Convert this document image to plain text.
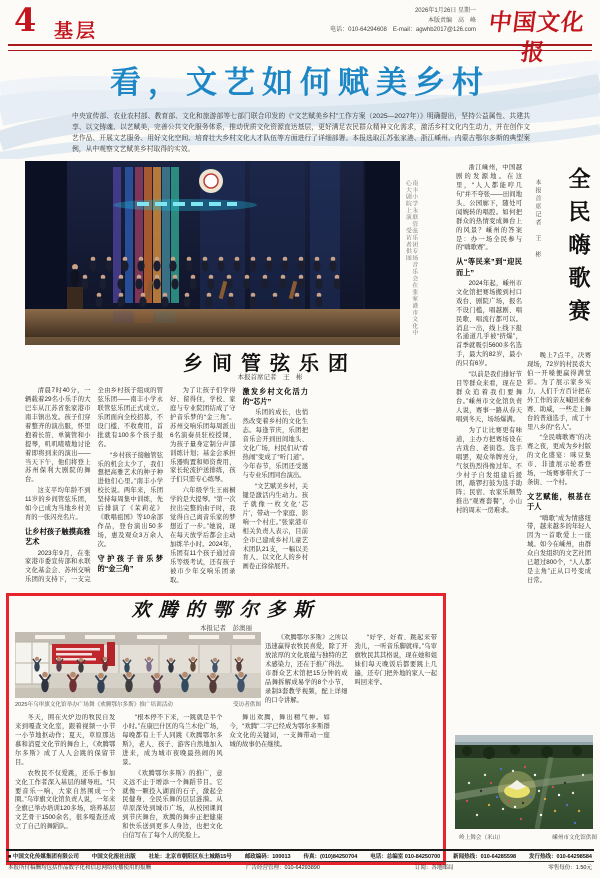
4 基层
2026年1月26日 星期一
本版责编　高　峰
电话：010-64294608　E-mail：agwhb2017@126.com 中国文化报
看，文艺如何赋美乡村
中央宣传部、农业农村部、教育部、文化和旅游部等七部门联合印发的《“文艺赋美乡村”工作方案（2025—2027年）》明确提出，坚持公益属性、共建共享、以文铸魂、以艺赋美，完善公共文化服务体系，推动优质文化资源直达基层，更好满足农民群众精神文化需求，激活乡村文化内生动力，并在创作文艺作品、开展文艺服务、用好文化空间、培育壮大乡村文化人才队伍等方面进行了详细部署。本报选取江苏张家港、浙江嵊州、内蒙古鄂尔多斯的典型案例，从中观察文艺赋美乡村取得的实效。
南丰小学永联管弦乐团专场音乐会在张家港市文化中心大剧院上演　受访者供图

浙江嵊州，中国越剧的发源地。在这里，“人人都能哼几句”并不夸张——田间地头、公园廊下，随处可闻婉转的唱腔。如何把群众的热情变成舞台上的风景？嵊州的答案是：办一场全民参与的“嗨歌赛”。

从“等民来”到“迎民而上”

2024年起，嵊州市文化馆把赛场搬到村口戏台、剧院广场，报名不设门槛，唱越剧、唱民歌、唱流行都可以。消息一出，线上线下报名通道几乎被“挤爆”，首季就吸引5600多名选手，最大的82岁，最小的只有6岁。

“以前是我们排好节目等群众来看，现在是群众追着我们要舞台。”嵊州市文化馆负责人说，赛事一路从春天唱到冬天，场场爆满。

为了让比赛更有味道，主办方把赛场设在古戏台、老街巷。选手唱罢，观众举牌亮分，气氛热烈得像过年。不少村子自发组建后援团，敲锣打鼓为选手助阵；民宿、农家乐顺势推出“观赛套餐”，小山村的周末一房难求。

本报首席记者　王　彬 全民嗨歌赛

晚上7点半，决赛现场，72岁的村民裘大伯一开嗓便赢得满堂彩。为了展示家乡实力，人们千方百计把在外工作的亲友喊回来参赛、助威，一些走上舞台的普通选手，成了十里八乡的“名人”。

“全民嗨歌赛”的决赛之夜，更成为乡村版的文化盛宴：咪豆集市、非遗展示轮番登场，一场赛事带火了一条街、一个村。

文艺赋能，根基在于人

“嗨歌”成为情感纽带，越来越多的年轻人因为一首歌爱上一座城。如今在嵊州，由群众自发组织的文艺社团已超过800个，“人人都是主角”正从口号变成日常。

乡间管弦乐团
本报首席记者　王　彬

清晨7时40分，一辆载着29名小乐手的大巴车从江苏省张家港市南丰镇出发。孩子们穿着整齐的演出服，怀里抱着长笛、单簧管和小提琴，叽叽喳喳地讨论着即将到来的演出——当天下午，他们将登上苏州保利大剧院的舞台。

这支平均年龄不到11岁的乡间管弦乐团，如今已成为当地乡村美育的一张闪亮名片。

让乡村孩子触摸高雅艺术

2023年9月，在张家港市委宣传部和永联文化基金会、苏州交响乐团的支持下，一支完全由乡村孩子组成的管弦乐团——南丰小学永联管弦乐团正式成立。乐团面向全校招募，不设门槛、不收费用，首批就有100多个孩子报名。

“乡村孩子接触管弦乐的机会太少了，我们想把高雅艺术的种子种进他们心里。”南丰小学校长说。两年来，乐团坚持每周集中训练，先后排演了《茉莉花》《歌唱祖国》等10余部作品，登台演出50多场，惠及观众3万余人次。

守护孩子音乐梦的“金三角”

为了让孩子们学得好、留得住，学校、家庭与专业院团结成了守护音乐梦的“金三角”。苏州交响乐团每周派出6名演奏员驻校授课，为孩子量身定制分声部训练计划；基金会承担乐器购置和师资费用，家长轮流护送排练，孩子们只需专心练琴。

六年级学生王雨桐学的是大提琴。“第一次拉出完整的曲子时，我觉得自己离音乐家的梦想近了一步。”她说，现在每天放学后都会主动加练半小时。2024年，乐团有11个孩子通过音乐等级考试，还有孩子被市少年交响乐团录取。

激发乡村文化活力的“芯片”

乐团的成长，也悄然改变着乡村的文化生态。每逢节庆，乐团把音乐会开到田间地头、文化广场，村民们从“看热闹”变成了“听门道”。今年春节，乐团还受邀与专业乐团同台演出。

“文艺赋美乡村，关键是激活内生动力。孩子就像一枚文化‘芯片’，带动一个家庭、影响一个村庄。”张家港市相关负责人表示，目前全市已建成乡村儿童艺术团队21支，一幅以美育人、以文化人的乡村画卷正徐徐展开。

欢腾的鄂尔多斯
本报记者　彭澳丽
2025年乌审旗文化馆举办广场舞《欢腾鄂尔多斯》推广培训活动	受访者供图

《欢腾鄂尔多斯》之所以迅速赢得农牧民喜爱，除了开放浓厚的文化底蕴与独特的艺术感染力，还在于推广得法。市群众艺术馆把15分钟的成品舞拆解成易学的8个小节，录制3套教学视频，配上详细的口令讲解。

“好学、好看、跳起来带劲儿，一听音乐脚就痒。”乌审旗牧民其其格说，现在她和姐妹们每天晚饭后都要跳上几遍，还专门把外地的家人一起叫回来学。

冬天，围在火炉边的牧民自发来到嘎查文化室，跟着视频一小节一小节地抠动作；夏天，草原那达慕和消夏文化节的舞台上，《欢腾鄂尔多斯》成了人人会跳的保留节目。

农牧民不仅爱跳，还乐于参加文化工作者深入基层的辅导班。“只要音乐一响，大家自然围成一个圈。”乌审旗文化馆负责人说，一年来全旗已举办培训120多场，培养基层文艺骨干1500余名，很多嘎查还成立了自己的舞蹈队。

“根本停不下来，一跳就是半个小时。”在康巴什区的乌兰木伦广场，每晚都有上千人同跳《欢腾鄂尔多斯》，老人、孩子、游客自然地加入进来，成为城市夜晚最热闹的风景。

《欢腾鄂尔多斯》的推广，意义远不止于增添一个舞蹈节目。它就像一颗投入湖面的石子，激起全民健身、全民乐舞的层层涟漪。从草原深处到城市广场，从校园课间到节庆舞台，欢腾的舞步正把健康和快乐送到更多人身边，也把文化自信写在了每个人的笑脸上。

舞出欢腾，舞出精气神。如今，“欢腾”二字已经成为鄂尔多斯群众文化的关键词，一支舞带动一座城的故事仍在继续。

岭上舞会（米山）	嵊州市文化馆供图
■ 中国文化传媒集团有限公司 中国文化报社出版 社址：北京市朝阳区东土城路15号 邮政编码：100013 传真：(010)84250704 电话：总编室 010-84250700 新闻热线：010-64285598 发行热线：010-64298584
本报所付稿酬均包括作品数字化和信息网络传播使用的报酬	广告经营管理：010-64293890	订阅：各地邮局	零售每份：1.50元
